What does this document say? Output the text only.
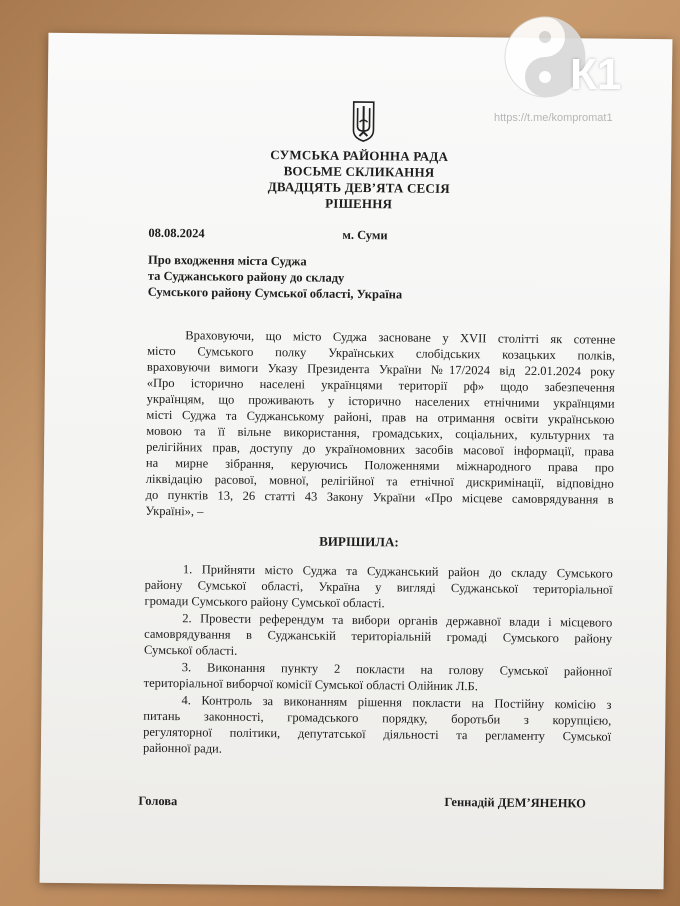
СУМСЬКА РАЙОННА РАДА
ВОСЬМЕ СКЛИКАННЯ
ДВАДЦЯТЬ ДЕВ’ЯТА СЕСІЯ
РІШЕННЯ
08.08.2024	м. Суми
Про входження міста Суджа
та Суджанського району до складу
Сумського району Сумської області, Україна
Враховуючи, що місто Суджа засноване у XVII столітті як сотенне
місто Сумського полку Українських слобідських козацьких полків,
враховуючи вимоги Указу Президента України №17/2024 від 22.01.2024 року
«Про історично населені українцями території рф» щодо забезпечення
українцям, що проживають у історично населених етнічними українцями
місті Суджа та Суджанському районі, прав на отримання освіти українською
мовою та її вільне використання, громадських, соціальних, культурних та
релігійних прав, доступу до україномовних засобів масової інформації, права
на мирне зібрання, керуючись Положеннями міжнародного права про
ліквідацію расової, мовної, релігійної та етнічної дискримінації, відповідно
до пунктів 13, 26 статті 43 Закону України «Про місцеве самоврядування в
Україні», –
ВИРІШИЛА:
1. Прийняти місто Суджа та Суджанський район до складу Сумського
району Сумської області, Україна у вигляді Суджанської територіальної
громади Сумського району Сумської області.
2. Провести референдум та вибори органів державної влади і місцевого
самоврядування в Суджанській територіальній громаді Сумського району
Сумської області.
3. Виконання пункту 2 покласти на голову Сумської районної
територіальної виборчої комісії Сумської області Олійник Л.Б.
4. Контроль за виконанням рішення покласти на Постійну комісію з
питань законності, громадського порядку, боротьби з корупцією,
регуляторної політики, депутатської діяльності та регламенту Сумської
районної ради.
Голова	Геннадій ДЕМ’ЯНЕНКО
К1
https://t.me/kompromat1
